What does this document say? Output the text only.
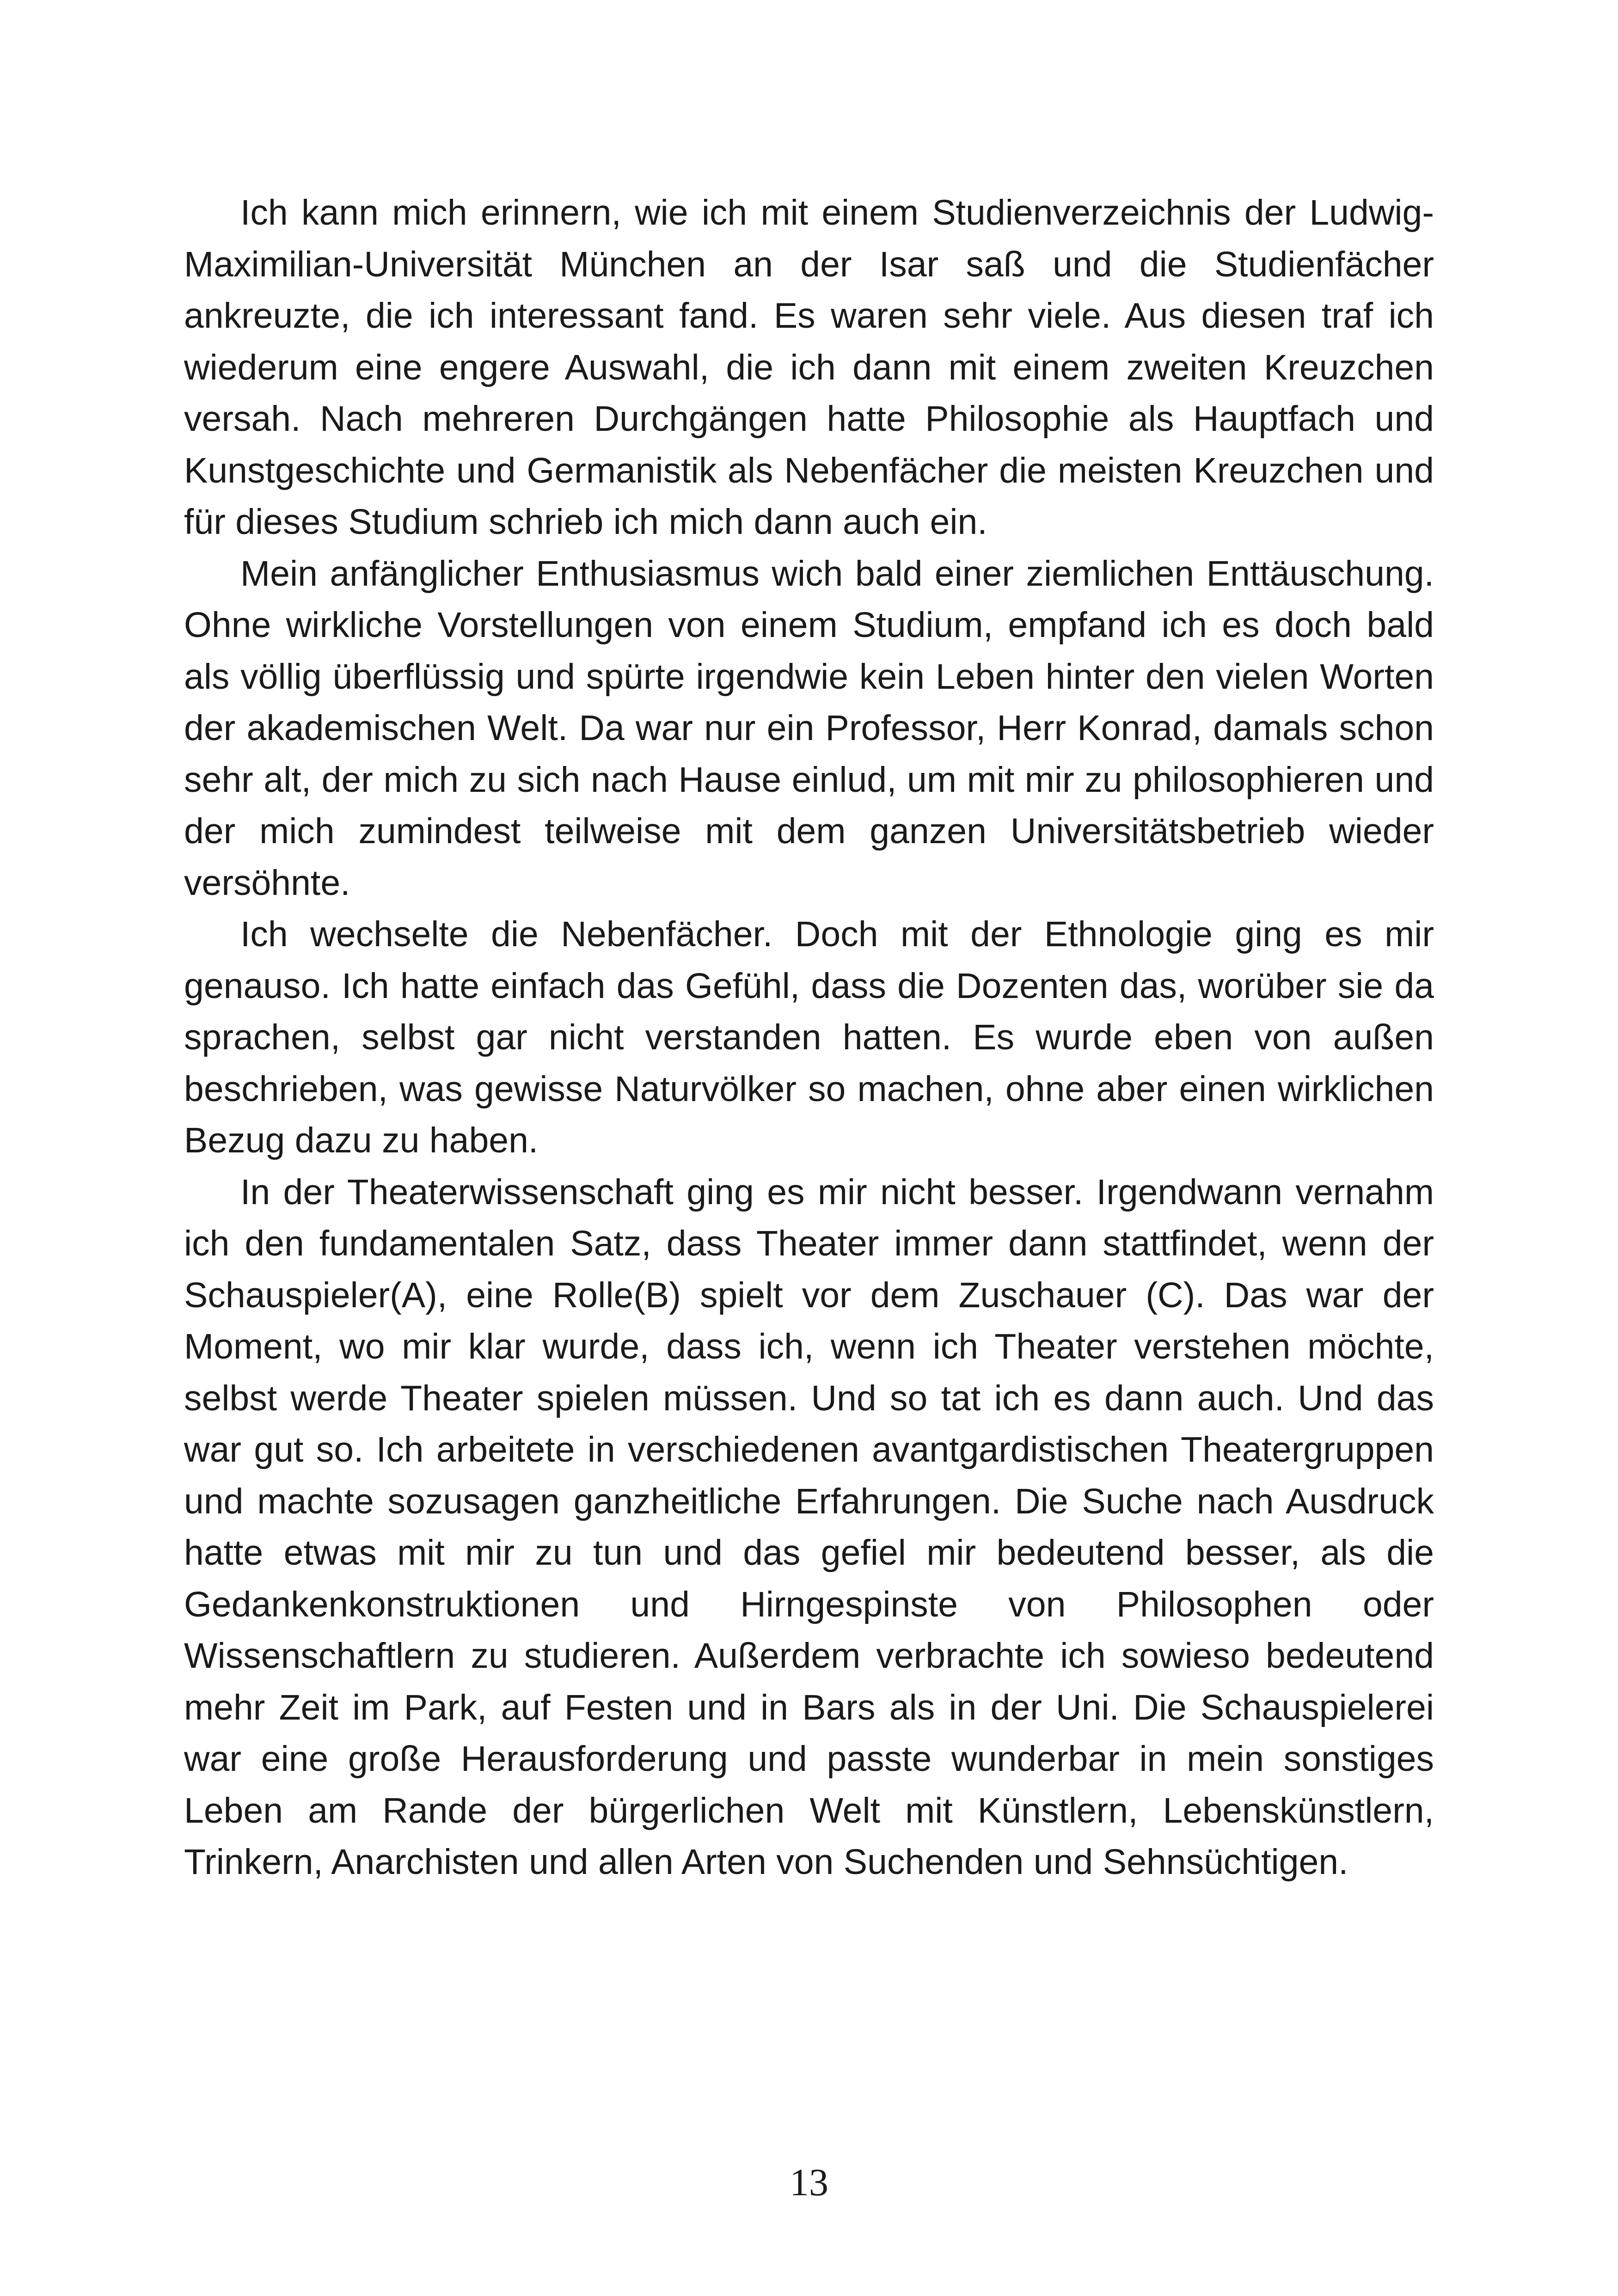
Ich kann mich erinnern, wie ich mit einem Studienverzeichnis der Ludwig-Maximilian-Universität München an der Isar saß und die Studienfächer ankreuzte, die ich interessant fand. Es waren sehr viele. Aus diesen traf ich wiederum eine engere Auswahl, die ich dann mit einem zweiten Kreuzchen versah. Nach mehreren Durchgängen hatte Philosophie als Hauptfach und Kunstgeschichte und Germanistik als Nebenfächer die meisten Kreuzchen und für dieses Studium schrieb ich mich dann auch ein.

Mein anfänglicher Enthusiasmus wich bald einer ziemlichen Enttäuschung. Ohne wirkliche Vorstellungen von einem Studium, empfand ich es doch bald als völlig überflüssig und spürte irgendwie kein Leben hinter den vielen Worten der akademischen Welt. Da war nur ein Professor, Herr Konrad, damals schon sehr alt, der mich zu sich nach Hause einlud, um mit mir zu philosophieren und der mich zumindest teilweise mit dem ganzen Universitätsbetrieb wieder versöhnte.

Ich wechselte die Nebenfächer. Doch mit der Ethnologie ging es mir genauso. Ich hatte einfach das Gefühl, dass die Dozenten das, worüber sie da sprachen, selbst gar nicht verstanden hatten. Es wurde eben von außen beschrieben, was gewisse Naturvölker so machen, ohne aber einen wirklichen Bezug dazu zu haben.

In der Theaterwissenschaft ging es mir nicht besser. Irgendwann vernahm ich den fundamentalen Satz, dass Theater immer dann stattfindet, wenn der Schauspieler(A), eine Rolle(B) spielt vor dem Zuschauer (C). Das war der Moment, wo mir klar wurde, dass ich, wenn ich Theater verstehen möchte, selbst werde Theater spielen müssen. Und so tat ich es dann auch. Und das war gut so. Ich arbeitete in verschiedenen avantgardistischen Theatergruppen und machte sozusagen ganzheitliche Erfahrungen. Die Suche nach Ausdruck hatte etwas mit mir zu tun und das gefiel mir bedeutend besser, als die Gedankenkonstruktionen und Hirngespinste von Philosophen oder Wissenschaftlern zu studieren. Außerdem verbrachte ich sowieso bedeutend mehr Zeit im Park, auf Festen und in Bars als in der Uni. Die Schauspielerei war eine große Herausforderung und passte wunderbar in mein sonstiges Leben am Rande der bürgerlichen Welt mit Künstlern, Lebenskünstlern, Trinkern, Anarchisten und allen Arten von Suchenden und Sehnsüchtigen.

13
